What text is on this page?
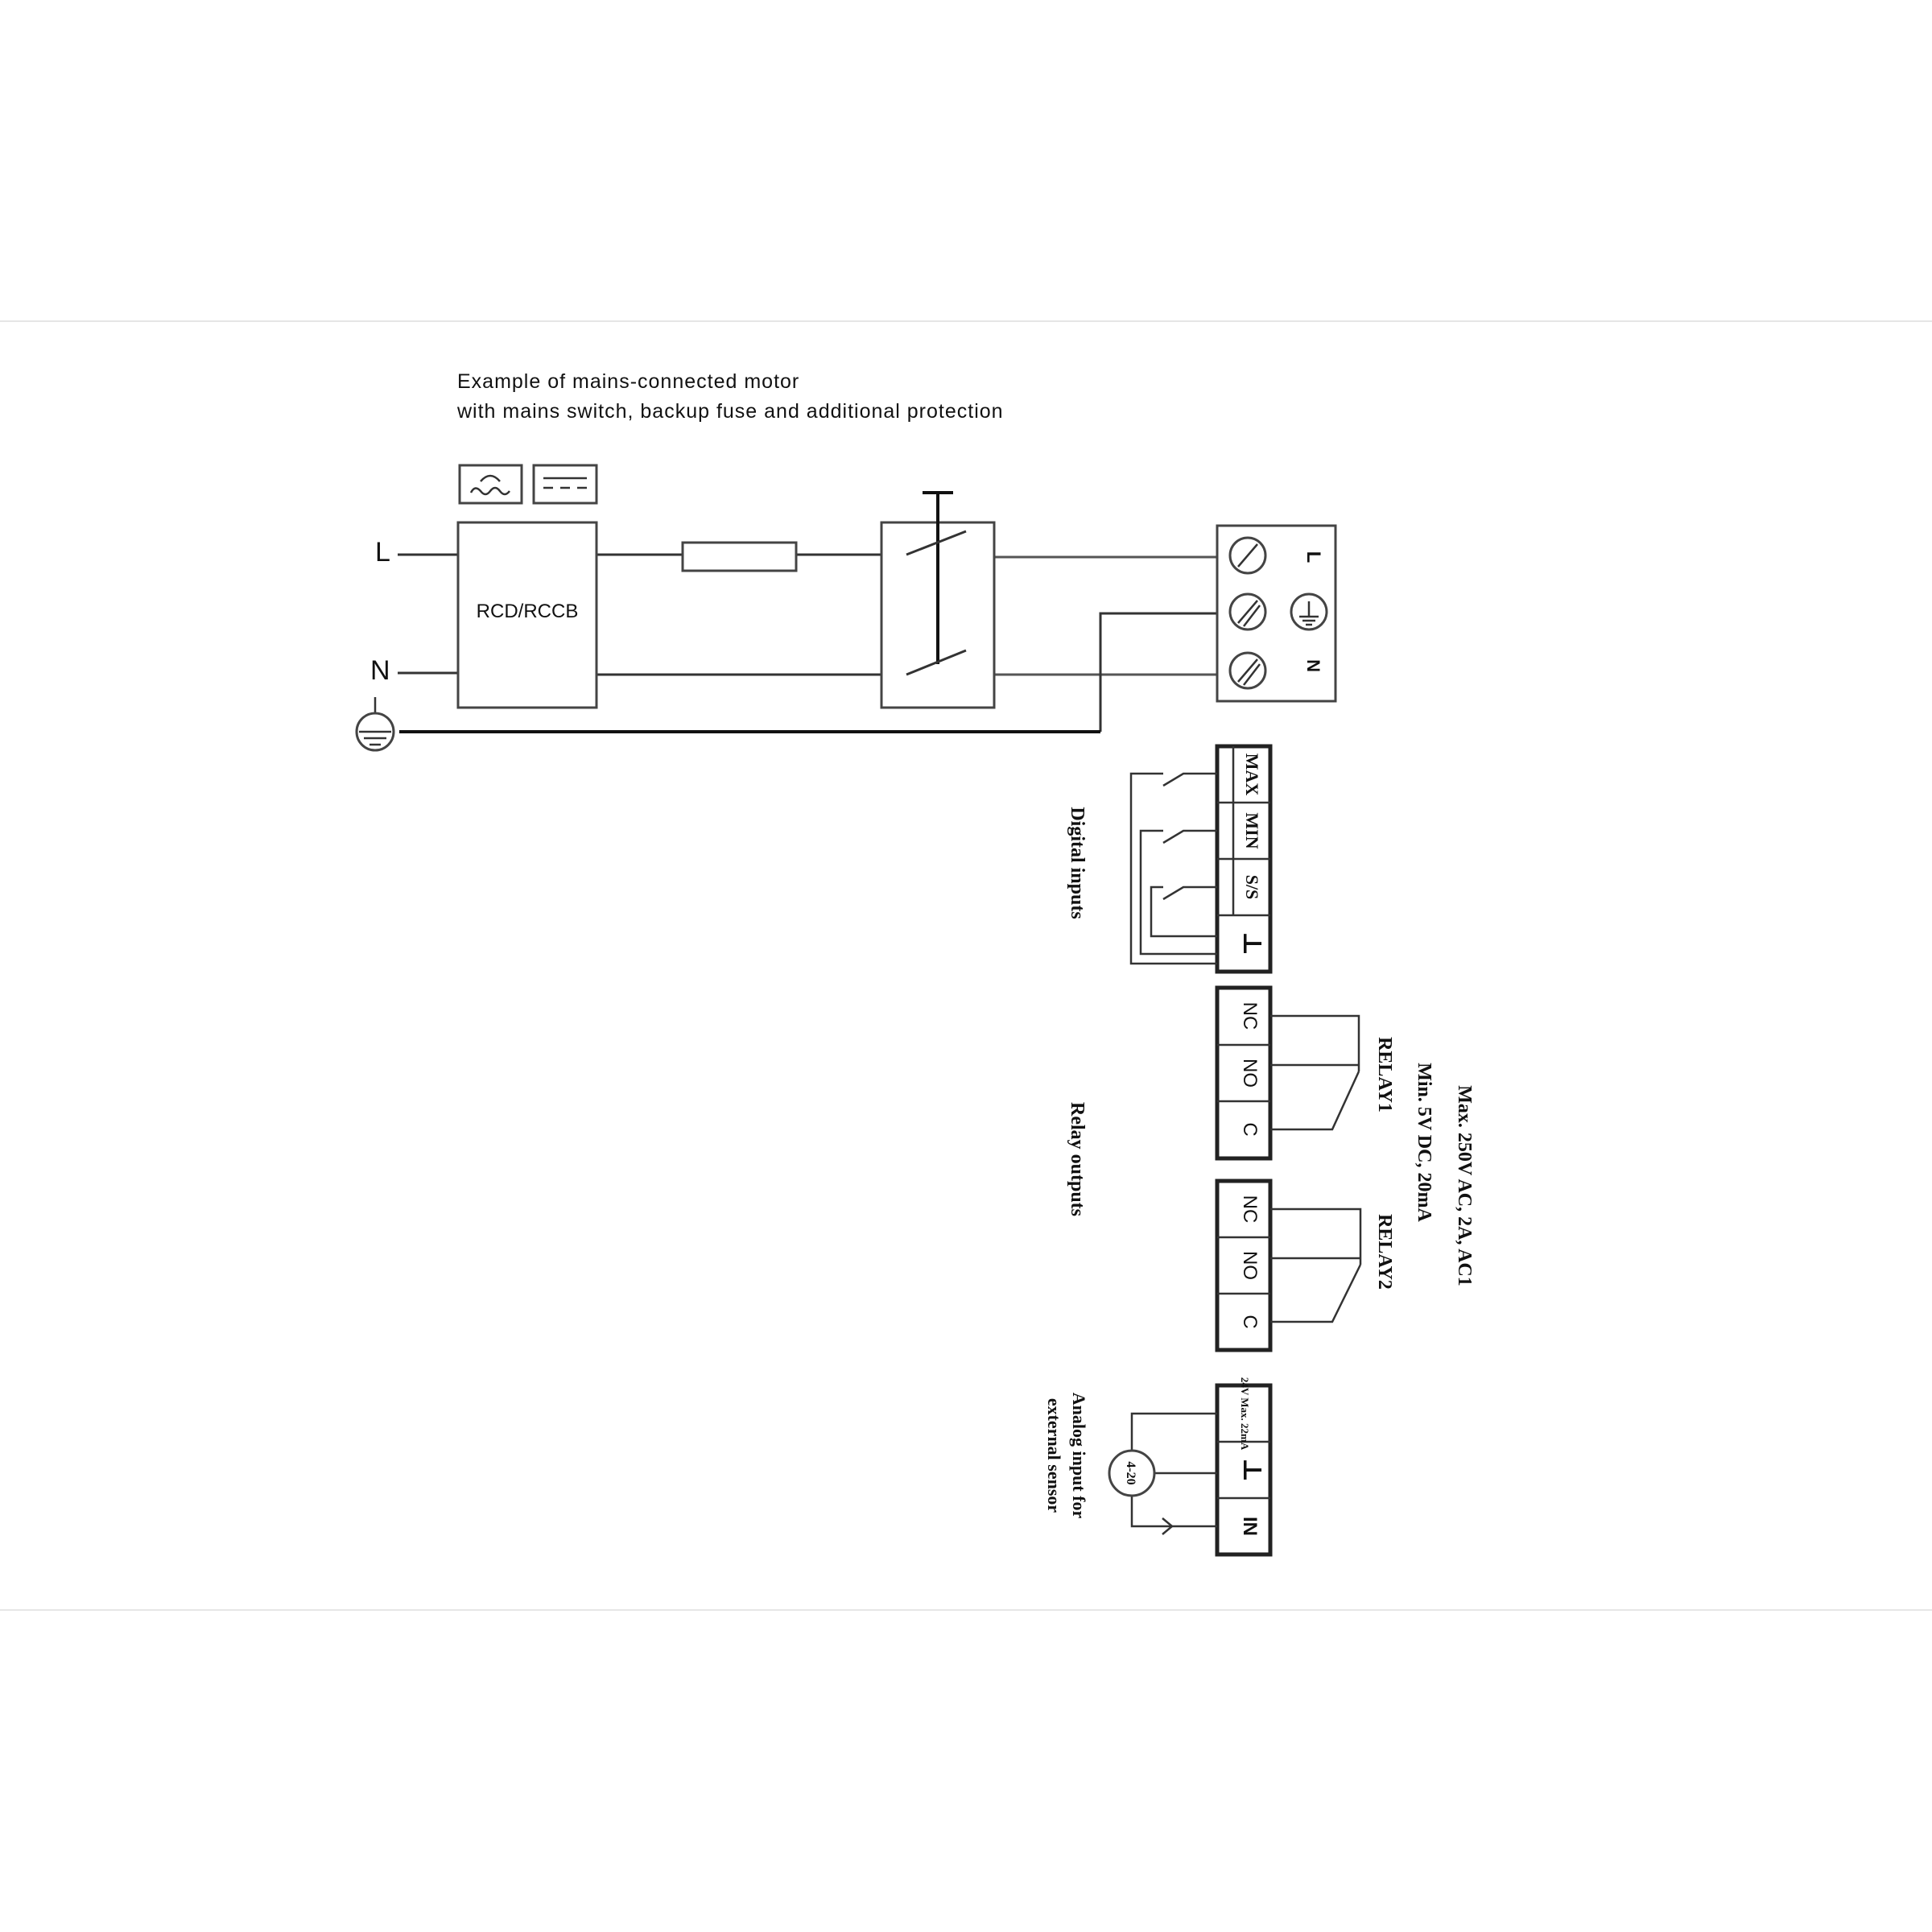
Example of mains-connected motor
with mains switch, backup fuse and additional protection
L
N
RCD/RCCB
L
N
MAX
MIN
S/S
⊥
Digital inputs
NC
NO
C
RELAY1
NC
NO
C
RELAY2	Max. 250V AC, 2A, AC1
Min. 5V DC, 20mA
Relay outputs
24V Max. 22mA
⊥
IN
4-20
Analog input for
external sensor
